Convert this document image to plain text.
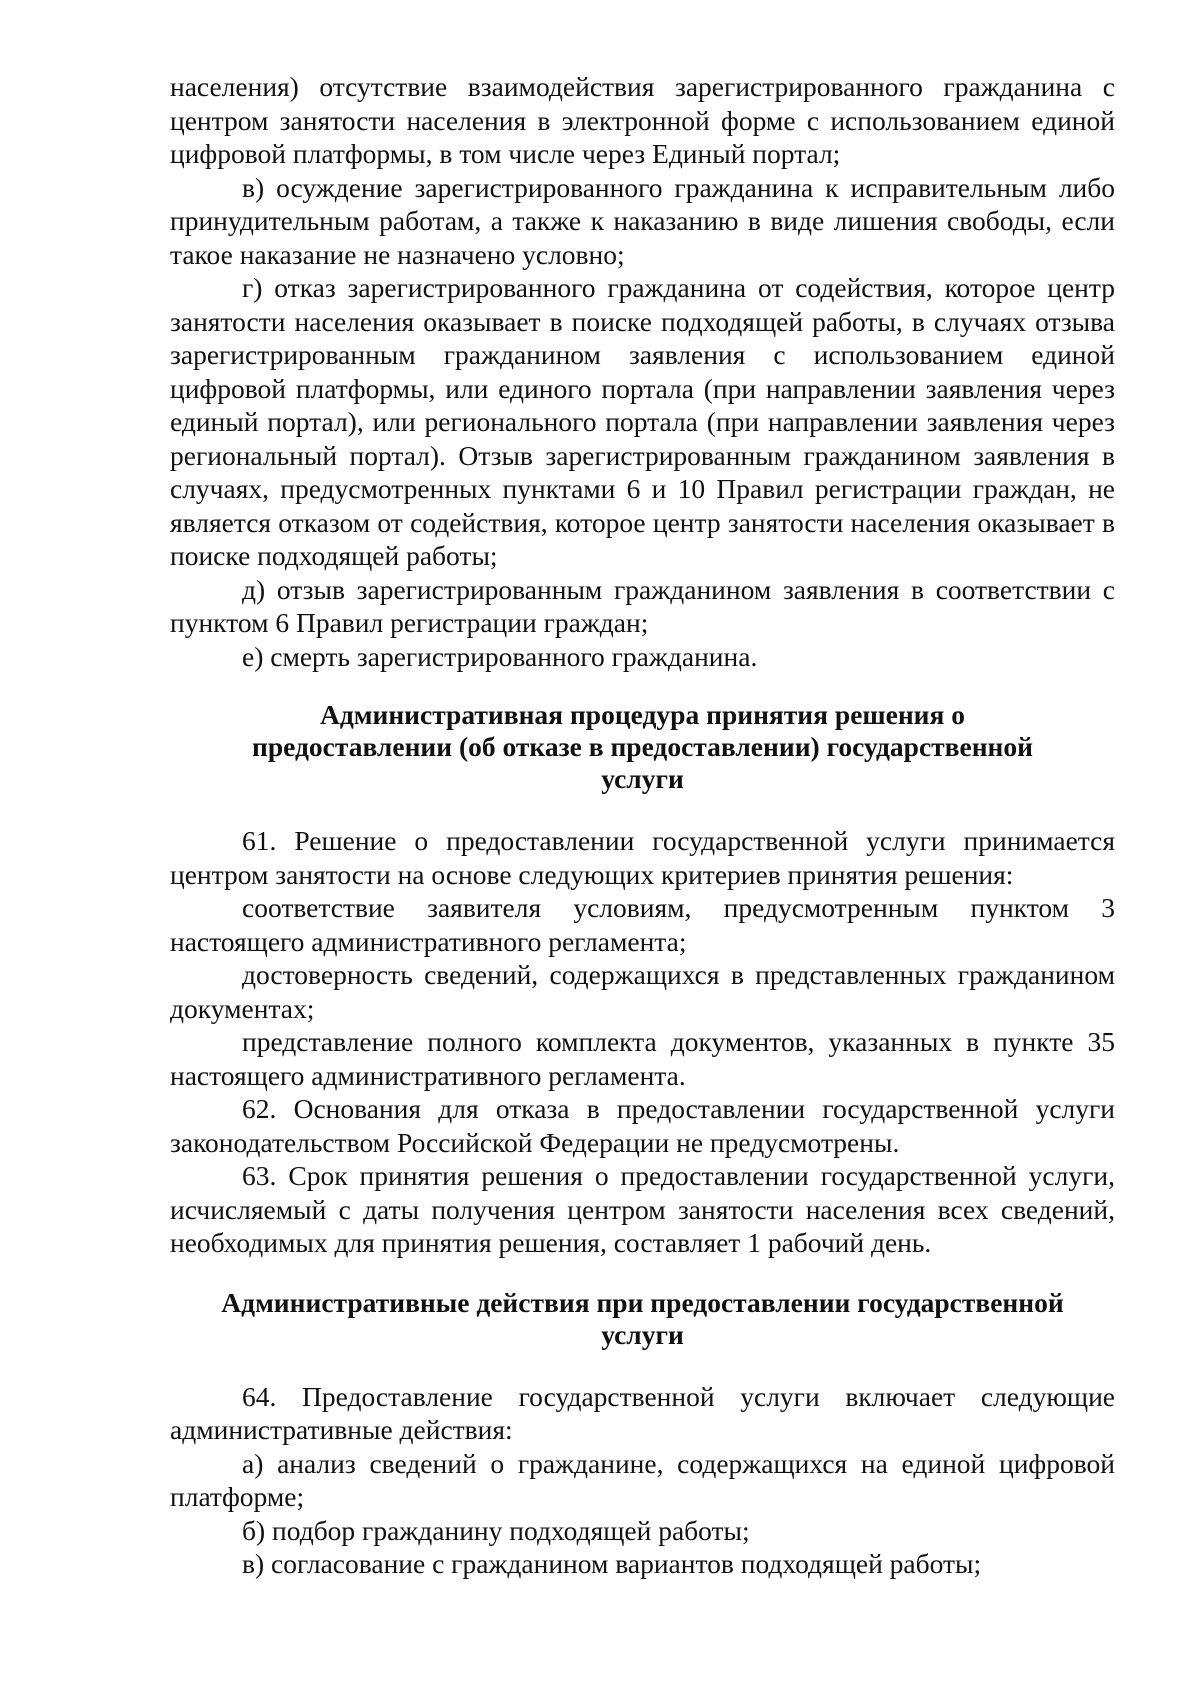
населения) отсутствие взаимодействия зарегистрированного гражданина с центром занятости населения в электронной форме с использованием единой цифровой платформы, в том числе через Единый портал;

в) осуждение зарегистрированного гражданина к исправительным либо принудительным работам, а также к наказанию в виде лишения свободы, если такое наказание не назначено условно;

г) отказ зарегистрированного гражданина от содействия, которое центр занятости населения оказывает в поиске подходящей работы, в случаях отзыва зарегистрированным гражданином заявления с использованием единой цифровой платформы, или единого портала (при направлении заявления через единый портал), или регионального портала (при направлении заявления через региональный портал). Отзыв зарегистрированным гражданином заявления в случаях, предусмотренных пунктами 6 и 10 Правил регистрации граждан, не является отказом от содействия, которое центр занятости населения оказывает в поиске подходящей работы;

д) отзыв зарегистрированным гражданином заявления в соответствии с пунктом 6 Правил регистрации граждан;

е) смерть зарегистрированного гражданина.

Административная процедура принятия решения о предоставлении (об отказе в предоставлении) государственной услуги

61. Решение о предоставлении государственной услуги принимается центром занятости на основе следующих критериев принятия решения:

соответствие заявителя условиям, предусмотренным пунктом 3 настоящего административного регламента;

достоверность сведений, содержащихся в представленных гражданином документах;

представление полного комплекта документов, указанных в пункте 35 настоящего административного регламента.

62. Основания для отказа в предоставлении государственной услуги законодательством Российской Федерации не предусмотрены.

63. Срок принятия решения о предоставлении государственной услуги, исчисляемый с даты получения центром занятости населения всех сведений, необходимых для принятия решения, составляет 1 рабочий день.

Административные действия при предоставлении государственной услуги

64. Предоставление государственной услуги включает следующие административные действия:

а) анализ сведений о гражданине, содержащихся на единой цифровой платформе;

б) подбор гражданину подходящей работы;

в) согласование с гражданином вариантов подходящей работы;
